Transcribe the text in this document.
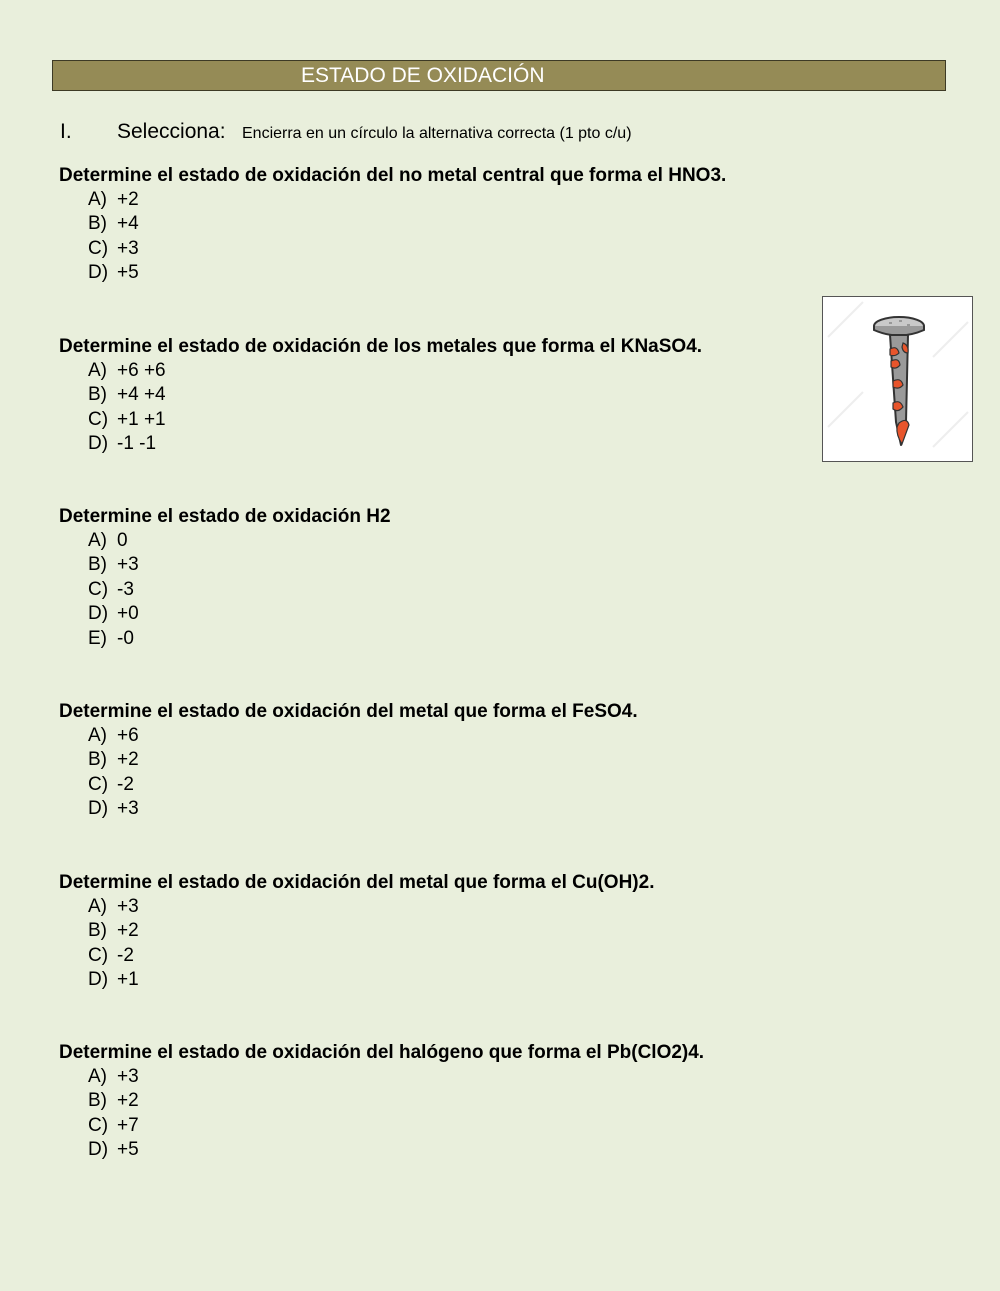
ESTADO DE OXIDACIÓN
I. Selecciona: Encierra en un círculo la alternativa correcta (1 pto c/u)
Determine el estado de oxidación del no metal central que forma el HNO3.
A) +2
B) +4
C) +3
D) +5
Determine el estado de oxidación de los metales que forma el KNaSO4.
A) +6 +6
B) +4 +4
C) +1 +1
D) -1 -1
Determine el estado de oxidación H2
A) 0
B) +3
C) -3
D) +0
E) -0
Determine el estado de oxidación del metal que forma el FeSO4.
A) +6
B) +2
C) -2
D) +3
Determine el estado de oxidación del metal que forma el Cu(OH)2.
A) +3
B) +2
C) -2
D) +1
Determine el estado de oxidación del halógeno que forma el Pb(ClO2)4.
A) +3
B) +2
C) +7
D) +5
